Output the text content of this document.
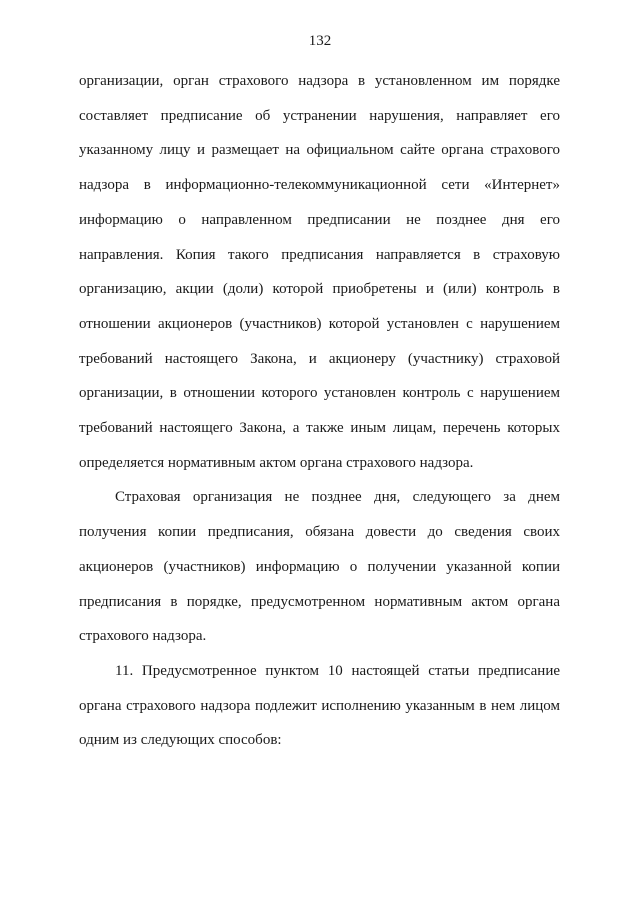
132

организации, орган страхового надзора в установленном им порядке
составляет предписание об устранении нарушения, направляет его
указанному лицу и размещает на официальном сайте органа страхового
надзора в информационно-телекоммуникационной сети «Интернет»
информацию о направленном предписании не позднее дня его
направления. Копия такого предписания направляется в страховую
организацию, акции (доли) которой приобретены и (или) контроль в
отношении акционеров (участников) которой установлен с нарушением
требований настоящего Закона, и акционеру (участнику) страховой
организации, в отношении которого установлен контроль с нарушением
требований настоящего Закона, а также иным лицам, перечень которых
определяется нормативным актом органа страхового надзора.

Страховая организация не позднее дня, следующего за днем
получения копии предписания, обязана довести до сведения своих
акционеров (участников) информацию о получении указанной копии
предписания в порядке, предусмотренном нормативным актом органа
страхового надзора.

11. Предусмотренное пунктом 10 настоящей статьи предписание
органа страхового надзора подлежит исполнению указанным в нем лицом
одним из следующих способов:
